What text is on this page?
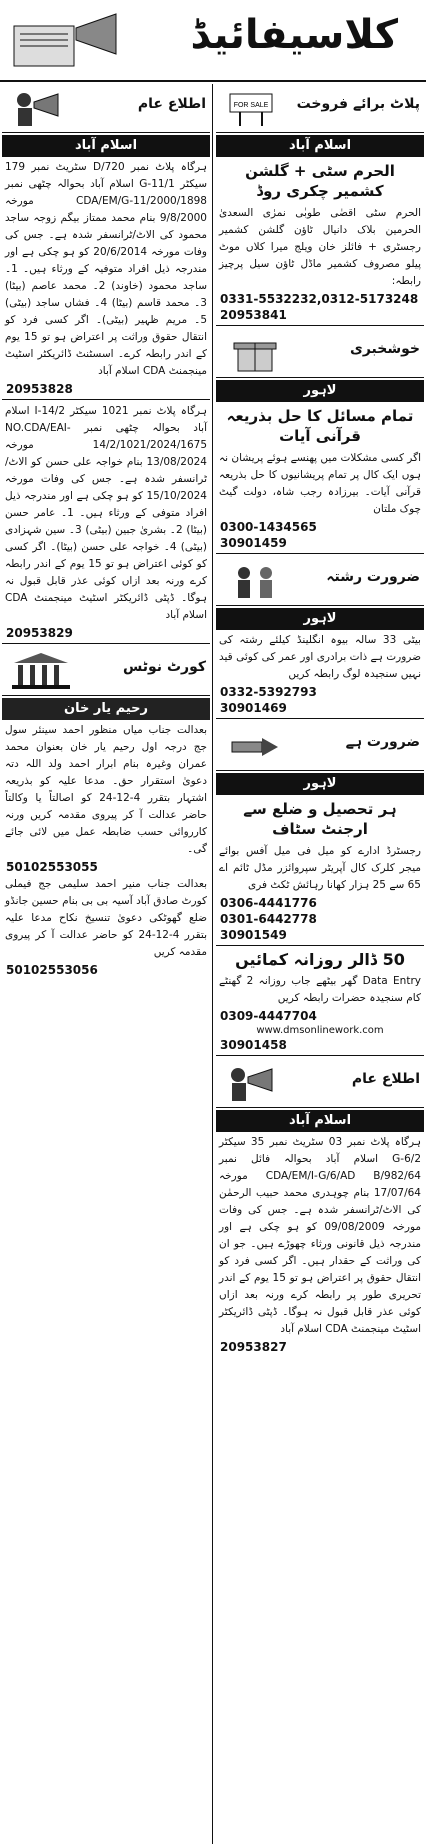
کلاسیفائیڈ
FOR SALE پلاٹ برائے فروخت
اسلام آباد
الحرم سٹی + گلشن کشمیر چکری روڈ
الحرم سٹی اقصٰی طوبٰی نمرٰی السعدیٰ الحرمین بلاک دانیال ٹاؤن گلشن کشمیر رجسٹری + فائلز خان ویلج میرا کلاں موٹ پیلو مصروف کشمیر ماڈل ٹاؤن سیل پرچیز رابطہ:
0331-5532232,0312-5173248
20953841
خوشخبری
لاہور
تمام مسائل کا حل بذریعہ قرآنی آیات
اگر کسی مشکلات میں پھنسے ہوئے پریشان نہ ہوں ایک کال پر تمام پریشانیوں کا حل بذریعہ قرآنی آیات۔ بیرزادہ رجب شاہ، دولت گیٹ چوک ملتان
0300-1434565
30901459
ضرورت رشتہ
لاہور
بیٹی 33 سالہ بیوہ انگلینڈ کیلئے رشتہ کی ضرورت ہے ذات برادری اور عمر کی کوئی قید نہیں سنجیدہ لوگ رابطہ کریں
0332-5392793
30901469
ضرورت ہے
لاہور
ہر تحصیل و ضلع سے ارجنٹ سٹاف
رجسٹرڈ ادارے کو میل فی میل آفس بوائے میجر کلرک کال آپریٹر سپروائزر مڈل ٹائم اے 65 سے 25 ہزار کھانا رہائش ٹکٹ فری
0306-4441776
0301-6442778
30901549
50 ڈالر روزانہ کمائیں
Data Entry گھر بیٹھے جاب روزانہ 2 گھنٹے کام سنجیدہ حضرات رابطہ کریں
0309-4447704
www.dmsonlinework.com
30901458
اطلاع عام
اسلام آباد
ہرگاہ پلاٹ نمبر 03 سٹریٹ نمبر 35 سیکٹر G-6/2 اسلام آباد بحوالہ فائل نمبر CDA/EM/I-G/6/AD B/982/64 مورخہ 17/07/64 بنام چوہدری محمد حبیب الرحمٰن کی الاٹ/ٹرانسفر شدہ ہے۔ جس کی وفات مورخہ 09/08/2009 کو ہو چکی ہے اور مندرجہ ذیل قانونی ورثاء چھوڑے ہیں۔ جو ان کی وراثت کے حقدار ہیں۔ اگر کسی فرد کو انتقال حقوق پر اعتراض ہو تو 15 یوم کے اندر تحریری طور پر رابطہ کرے ورنہ بعد ازاں کوئی عذر قابل قبول نہ ہوگا۔ ڈپٹی ڈائریکٹر اسٹیٹ مینجمنٹ CDA اسلام آباد
20953827
اطلاع عام
اسلام آباد
ہرگاہ پلاٹ نمبر 720/D سٹریٹ نمبر 179 سیکٹر G-11/1 اسلام آباد بحوالہ چٹھی نمبر CDA/EM/G-11/2000/1898 مورخہ 9/8/2000 بنام محمد ممتاز بیگم زوجہ ساجد محمود کی الاٹ/ٹرانسفر شدہ ہے۔ جس کی وفات مورخہ 20/6/2014 کو ہو چکی ہے اور مندرجہ ذیل افراد متوفیہ کے ورثاء ہیں۔ 1۔ ساجد محمود (خاوند) 2۔ محمد عاصم (بیٹا) 3۔ محمد قاسم (بیٹا) 4۔ فشاں ساجد (بیٹی) 5۔ مریم ظہیر (بیٹی)۔ اگر کسی فرد کو انتقال حقوق وراثت پر اعتراض ہو تو 15 یوم کے اندر رابطہ کرے۔ اسسٹنٹ ڈائریکٹر اسٹیٹ مینجمنٹ CDA اسلام آباد
20953828
ہرگاہ پلاٹ نمبر 1021 سیکٹر 14/2-I اسلام آباد بحوالہ چٹھی نمبر NO.CDA/EAI-14/2/1021/2024/1675 مورخہ 13/08/2024 بنام خواجہ علی حسن کو الاٹ/ٹرانسفر شدہ ہے۔ جس کی وفات مورخہ 15/10/2024 کو ہو چکی ہے اور مندرجہ ذیل افراد متوفی کے ورثاء ہیں۔ 1۔ عامر حسن (بیٹا) 2۔ بشریٰ جبین (بیٹی) 3۔ سین شہزادی (بیٹی) 4۔ خواجہ علی حسن (بیٹا)۔ اگر کسی کو کوئی اعتراض ہو تو 15 یوم کے اندر رابطہ کرے ورنہ بعد ازاں کوئی عذر قابل قبول نہ ہوگا۔ ڈپٹی ڈائریکٹر اسٹیٹ مینجمنٹ CDA اسلام آباد
20953829
کورٹ نوٹس
رحیم یار خان
بعدالت جناب میاں منظور احمد سینئر سول جج درجہ اول رحیم یار خان بعنوان محمد عمران وغیرہ بنام ابرار احمد ولد اللہ دتہ دعویٰ استقرار حق۔ مدعا علیہ کو بذریعہ اشتہار بتقرر 4-12-24 کو اصالتاً یا وکالتاً حاضر عدالت آ کر پیروی مقدمہ کریں ورنہ کارروائی حسب ضابطہ عمل میں لائی جائے گی۔
50102553055
بعدالت جناب منیر احمد سلیمی جج فیملی کورٹ صادق آباد آسیہ بی بی بنام حسین جانڈو ضلع گھوٹکی دعویٰ تنسیخ نکاح مدعا علیہ بتقرر 4-12-24 کو حاضر عدالت آ کر پیروی مقدمہ کریں
50102553056
